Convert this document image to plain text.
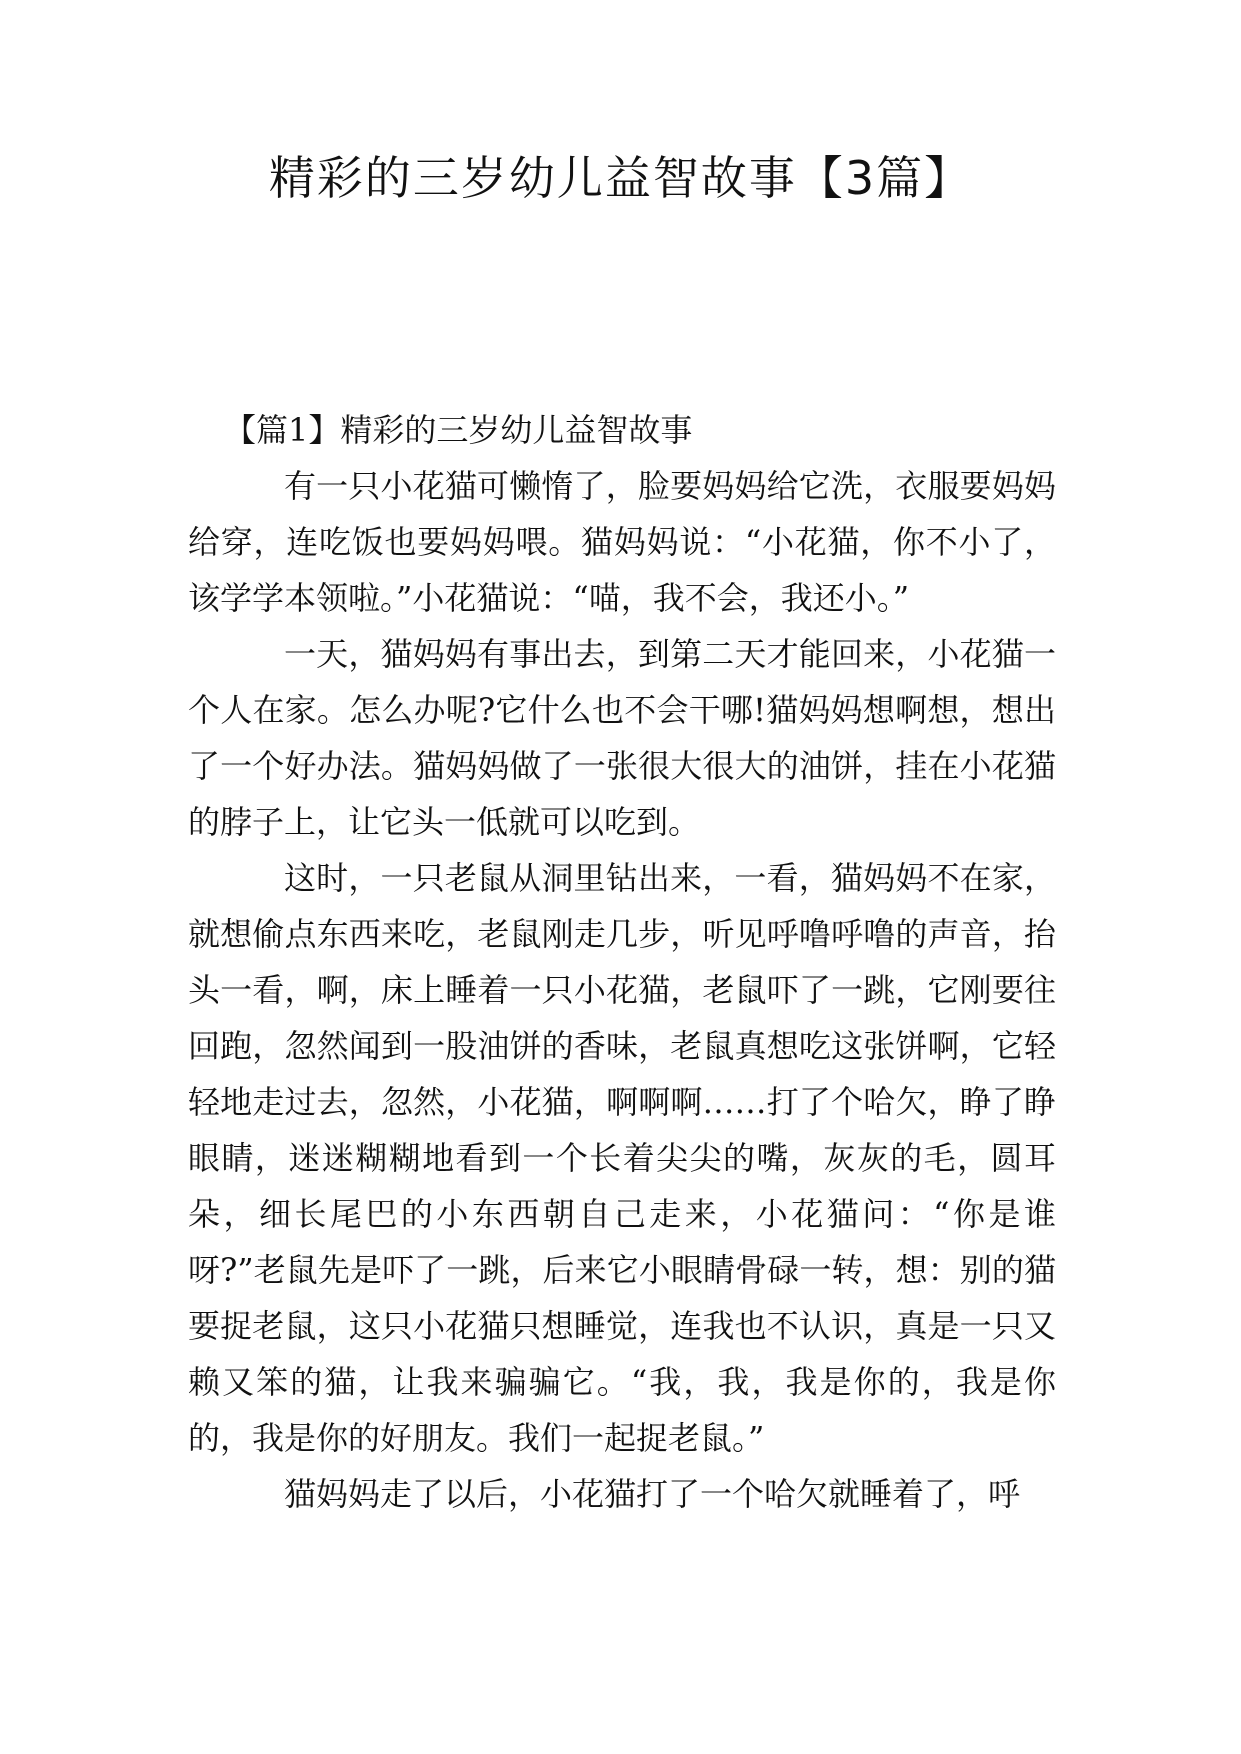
精彩的三岁幼儿益智故事【3篇】

【篇1】精彩的三岁幼儿益智故事

有一只小花猫可懒惰了，脸要妈妈给它洗，衣服要妈妈给穿，连吃饭也要妈妈喂。猫妈妈说：“小花猫，你不小了，该学学本领啦。”小花猫说：“喵，我不会，我还小。”

一天，猫妈妈有事出去，到第二天才能回来，小花猫一个人在家。怎么办呢?它什么也不会干哪!猫妈妈想啊想，想出了一个好办法。猫妈妈做了一张很大很大的油饼，挂在小花猫的脖子上，让它头一低就可以吃到。

这时，一只老鼠从洞里钻出来，一看，猫妈妈不在家，就想偷点东西来吃，老鼠刚走几步，听见呼噜呼噜的声音，抬头一看，啊，床上睡着一只小花猫，老鼠吓了一跳，它刚要往回跑，忽然闻到一股油饼的香味，老鼠真想吃这张饼啊，它轻轻地走过去，忽然，小花猫，啊啊啊……打了个哈欠，睁了睁眼睛，迷迷糊糊地看到一个长着尖尖的嘴，灰灰的毛，圆耳朵，细长尾巴的小东西朝自己走来，小花猫问：“你是谁呀?”老鼠先是吓了一跳，后来它小眼睛骨碌一转，想：别的猫要捉老鼠，这只小花猫只想睡觉，连我也不认识，真是一只又赖又笨的猫，让我来骗骗它。“我，我，我是你的，我是你的，我是你的好朋友。我们一起捉老鼠。”

猫妈妈走了以后，小花猫打了一个哈欠就睡着了，呼
